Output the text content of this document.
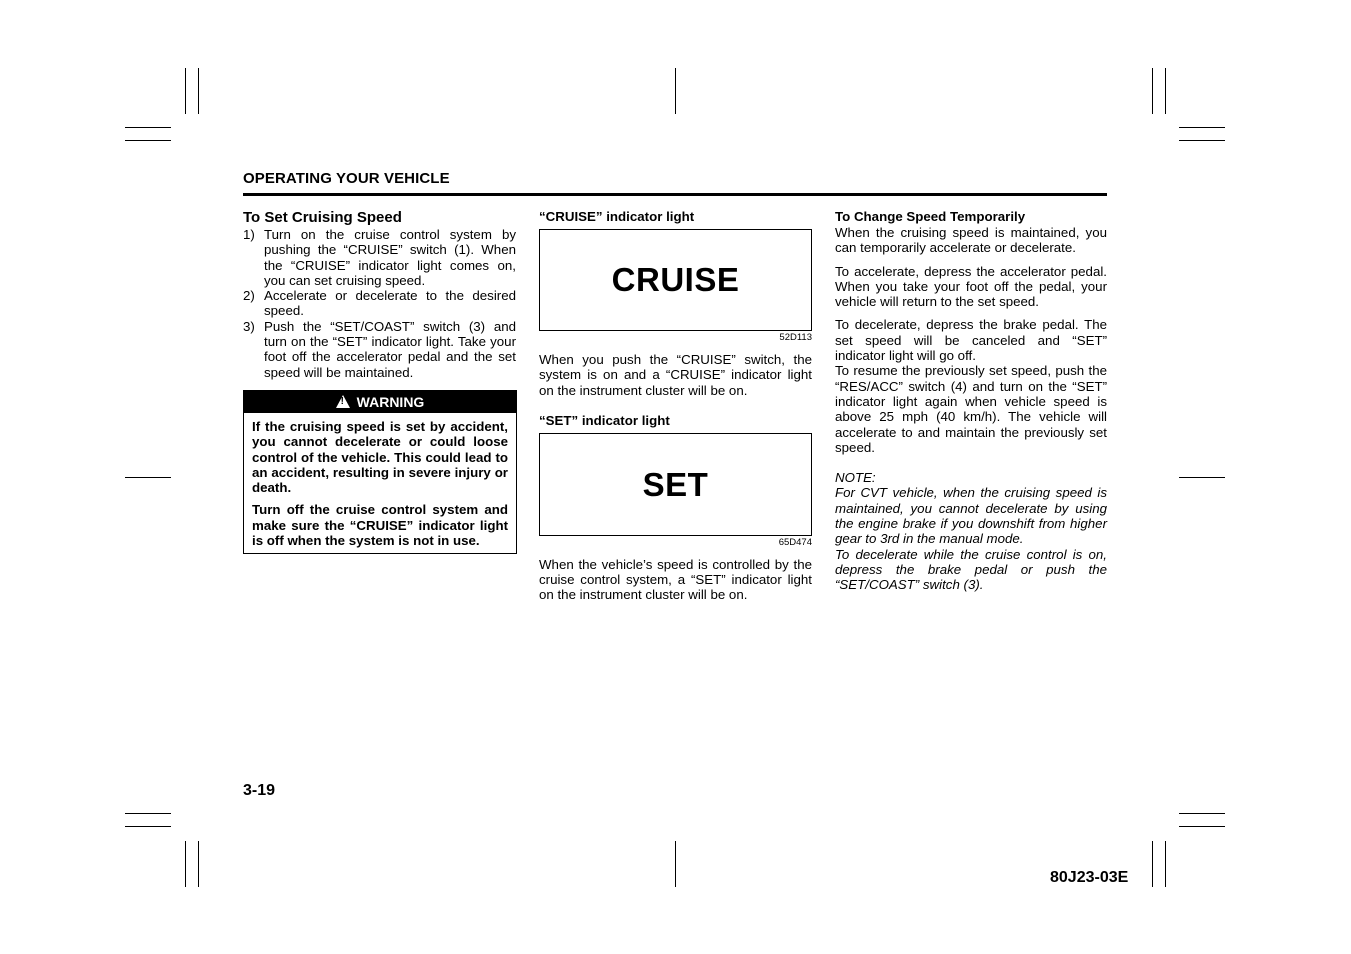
OPERATING YOUR VEHICLE
To Set Cruising Speed
1) Turn on the cruise control system by pushing the “CRUISE” switch (1). When the “CRUISE” indicator light comes on, you can set cruising speed.
2) Accelerate or decelerate to the desired speed.
3) Push the “SET/COAST” switch (3) and turn on the “SET” indicator light. Take your foot off the accelerator pedal and the set speed will be maintained.
!WARNING

If the cruising speed is set by accident, you cannot decelerate or could loose control of the vehicle. This could lead to an accident, resulting in severe injury or death.

Turn off the cruise control system and make sure the “CRUISE” indicator light is off when the system is not in use.

“CRUISE” indicator light
CRUISE
52D113
When you push the “CRUISE” switch, the system is on and a “CRUISE” indicator light on the instrument cluster will be on.
“SET” indicator light
SET
65D474
When the vehicle’s speed is controlled by the cruise control system, a “SET” indicator light on the instrument cluster will be on.
To Change Speed Temporarily
When the cruising speed is maintained, you can temporarily accelerate or decelerate.
To accelerate, depress the accelerator pedal. When you take your foot off the pedal, your vehicle will return to the set speed.
To decelerate, depress the brake pedal. The set speed will be canceled and “SET” indicator light will go off.
To resume the previously set speed, push the “RES/ACC” switch (4) and turn on the “SET” indicator light again when vehicle speed is above 25 mph (40 km/h). The vehicle will accelerate to and maintain the previously set speed.
NOTE:
For CVT vehicle, when the cruising speed is maintained, you cannot decelerate by using the engine brake if you downshift from higher gear to 3rd in the manual mode.
To decelerate while the cruise control is on, depress the brake pedal or push the “SET/COAST” switch (3).
3-19
80J23-03E
